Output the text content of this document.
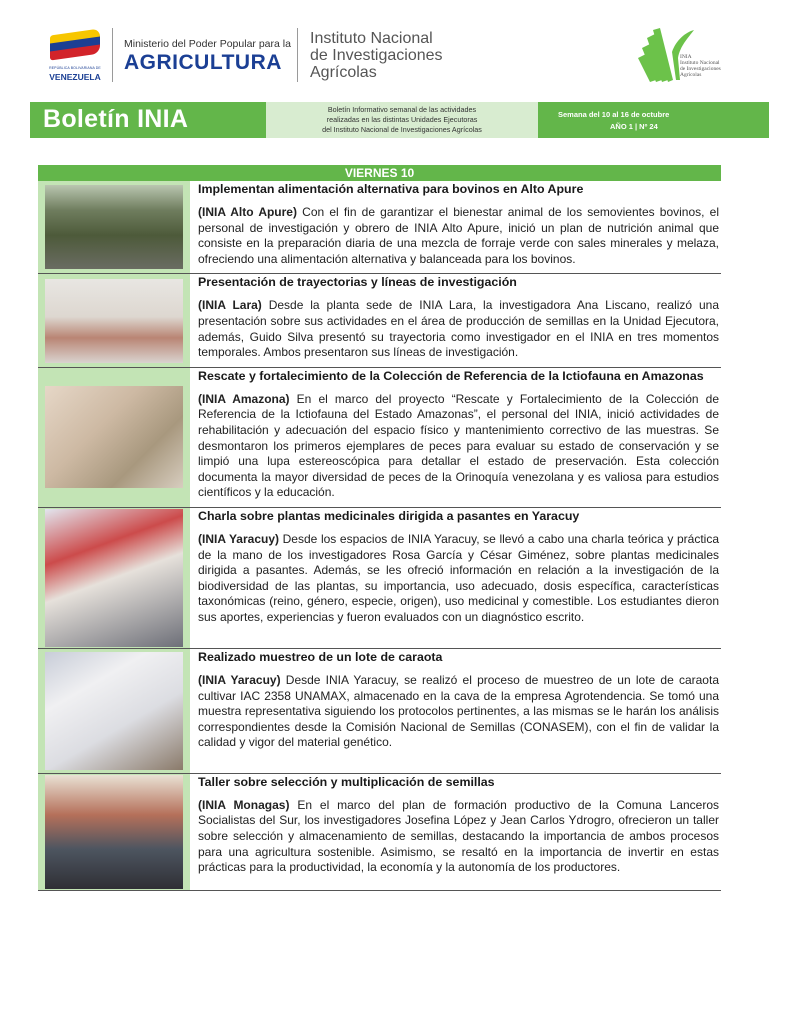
REPÚBLICA BOLIVARIANA DE
VENEZUELA
Ministerio del Poder Popular para la
AGRICULTURA
Instituto Nacional
de Investigaciones
Agrícolas
INIA
Instituto Nacional
de Investigaciones
Agrícolas
Boletín INIA	Boletín Informativo semanal de las actividades
realizadas en las distintas Unidades Ejecutoras
del Instituto Nacional de Investigaciones Agrícolas
Semana del 10 al 16 de octubre
AÑO 1 | Nº 24
VIERNES 10
Implementan alimentación alternativa para bovinos en Alto Apure
(INIA Alto Apure) Con el fin de garantizar el bienestar animal de los semovientes bovinos, el personal de investigación y obrero de INIA Alto Apure, inició un plan de nutrición animal que consiste en la preparación diaria de una mezcla de forraje verde con sales minerales y melaza, ofreciendo una alimentación alternativa y balanceada para los bovinos.
Presentación de trayectorias y líneas de investigación
(INIA Lara) Desde la planta sede de INIA Lara, la investigadora Ana Liscano, realizó una presentación sobre sus actividades en el área de producción de semillas en la Unidad Ejecutora, además, Guido Silva presentó su trayectoria como investigador en el INIA en tres momentos temporales. Ambos presentaron sus líneas de investigación.
Rescate y fortalecimiento de la Colección de Referencia de la Ictiofauna en Amazonas
(INIA Amazona) En el marco del proyecto “Rescate y Fortalecimiento de la Colección de Referencia de la Ictiofauna del Estado Amazonas”, el personal del INIA, inició actividades de rehabilitación y adecuación del espacio físico y mantenimiento correctivo de las muestras. Se desmontaron los primeros ejemplares de peces para evaluar su estado de conservación y se limpió una lupa estereoscópica para detallar el estado de preservación. Esta colección documenta la mayor diversidad de peces de la Orinoquía venezolana y es valiosa para estudios científicos y la educación.
Charla sobre plantas medicinales dirigida a pasantes en Yaracuy
(INIA Yaracuy) Desde los espacios de INIA Yaracuy, se llevó a cabo una charla teórica y práctica de la mano de los investigadores Rosa García y César Giménez, sobre plantas medicinales dirigida a pasantes. Además, se les ofreció información en relación a la investigación de la biodiversidad de las plantas, su importancia, uso adecuado, dosis específica, características taxonómicas (reino, género, especie, origen), uso medicinal y comestible. Los estudiantes dieron sus aportes, experiencias y fueron evaluados con un diagnóstico escrito.
Realizado muestreo de un lote de caraota
(INIA Yaracuy) Desde INIA Yaracuy, se realizó el proceso de muestreo de un lote de caraota cultivar IAC 2358 UNAMAX, almacenado en la cava de la empresa Agrotendencia. Se tomó una muestra representativa siguiendo los protocolos pertinentes, a las mismas se le harán los análisis correspondientes desde la Comisión Nacional de Semillas (CONASEM), con el fin de validar la calidad y vigor del material genético.
Taller sobre selección y multiplicación de semillas
(INIA Monagas) En el marco del plan de formación productivo de la Comuna Lanceros Socialistas del Sur, los investigadores Josefina López y Jean Carlos Ydrogro, ofrecieron un taller sobre selección y almacenamiento de semillas, destacando la importancia de ambos procesos para una agricultura sostenible. Asimismo, se resaltó en la importancia de invertir en estas prácticas para la productividad, la economía y la autonomía de los productores.
